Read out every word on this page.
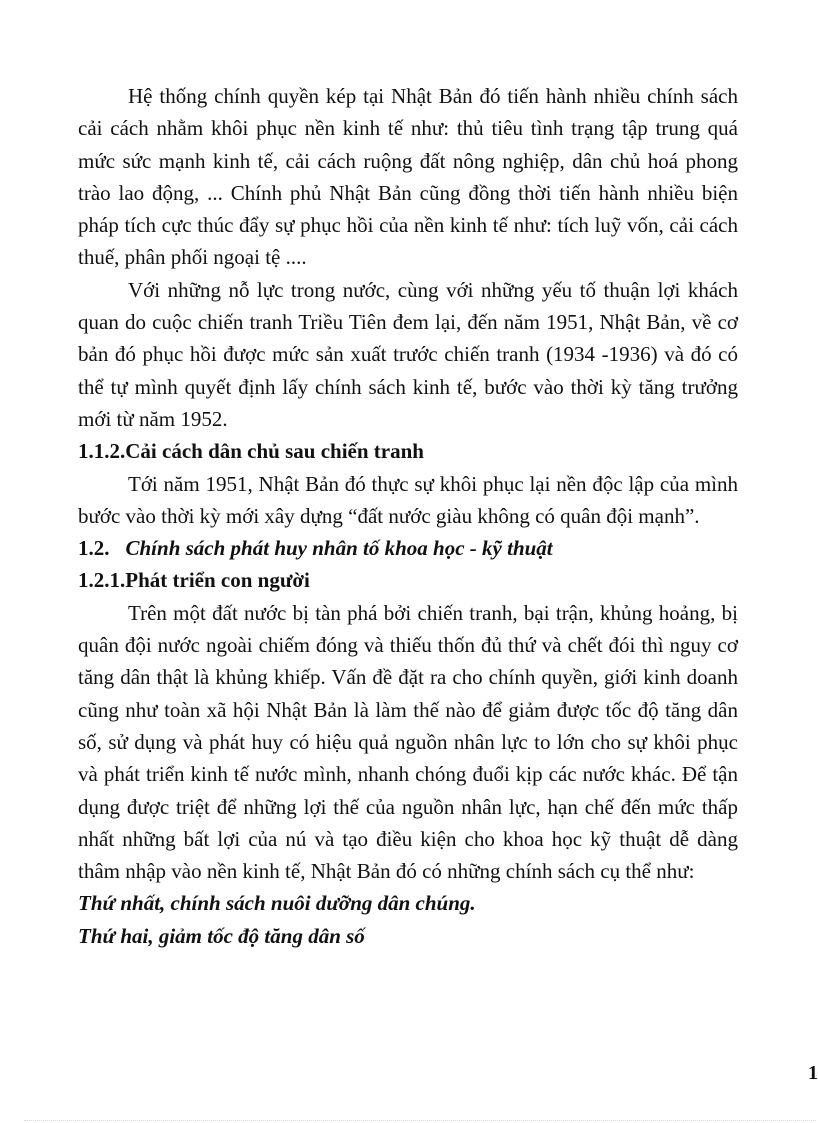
Hệ thống chính quyền kép tại Nhật Bản đó tiến hành nhiều chính sách cải cách nhằm khôi phục nền kinh tế như: thủ tiêu tình trạng tập trung quá mức sức mạnh kinh tế, cải cách ruộng đất nông nghiệp, dân chủ hoá phong trào lao động, ... Chính phủ Nhật Bản cũng đồng thời tiến hành nhiều biện pháp tích cực thúc đẩy sự phục hồi của nền kinh tế như: tích luỹ vốn, cải cách thuế, phân phối ngoại tệ ....

Với những nỗ lực trong nước, cùng với những yếu tố thuận lợi khách quan do cuộc chiến tranh Triều Tiên đem lại, đến năm 1951, Nhật Bản, về cơ bản đó phục hồi được mức sản xuất trước chiến tranh (1934 -1936) và đó có thể tự mình quyết định lấy chính sách kinh tế, bước vào thời kỳ tăng trưởng mới từ năm 1952.

1.1.2.Cải cách dân chủ sau chiến tranh

Tới năm 1951, Nhật Bản đó thực sự khôi phục lại nền độc lập của mình bước vào thời kỳ mới xây dựng “đất nước giàu không có quân đội mạnh”.

1.2. Chính sách phát huy nhân tố khoa học - kỹ thuật

1.2.1.Phát triển con người

Trên một đất nước bị tàn phá bởi chiến tranh, bại trận, khủng hoảng, bị quân đội nước ngoài chiếm đóng và thiếu thốn đủ thứ và chết đói thì nguy cơ tăng dân thật là khủng khiếp. Vấn đề đặt ra cho chính quyền, giới kinh doanh cũng như toàn xã hội Nhật Bản là làm thế nào để giảm được tốc độ tăng dân số, sử dụng và phát huy có hiệu quả nguồn nhân lực to lớn cho sự khôi phục và phát triển kinh tế nước mình, nhanh chóng đuổi kịp các nước khác. Để tận dụng được triệt để những lợi thế của nguồn nhân lực, hạn chế đến mức thấp nhất những bất lợi của nú và tạo điều kiện cho khoa học kỹ thuật dễ dàng thâm nhập vào nền kinh tế, Nhật Bản đó có những chính sách cụ thể như:

Thứ nhất, chính sách nuôi dưỡng dân chúng.

Thứ hai, giảm tốc độ tăng dân số

1
